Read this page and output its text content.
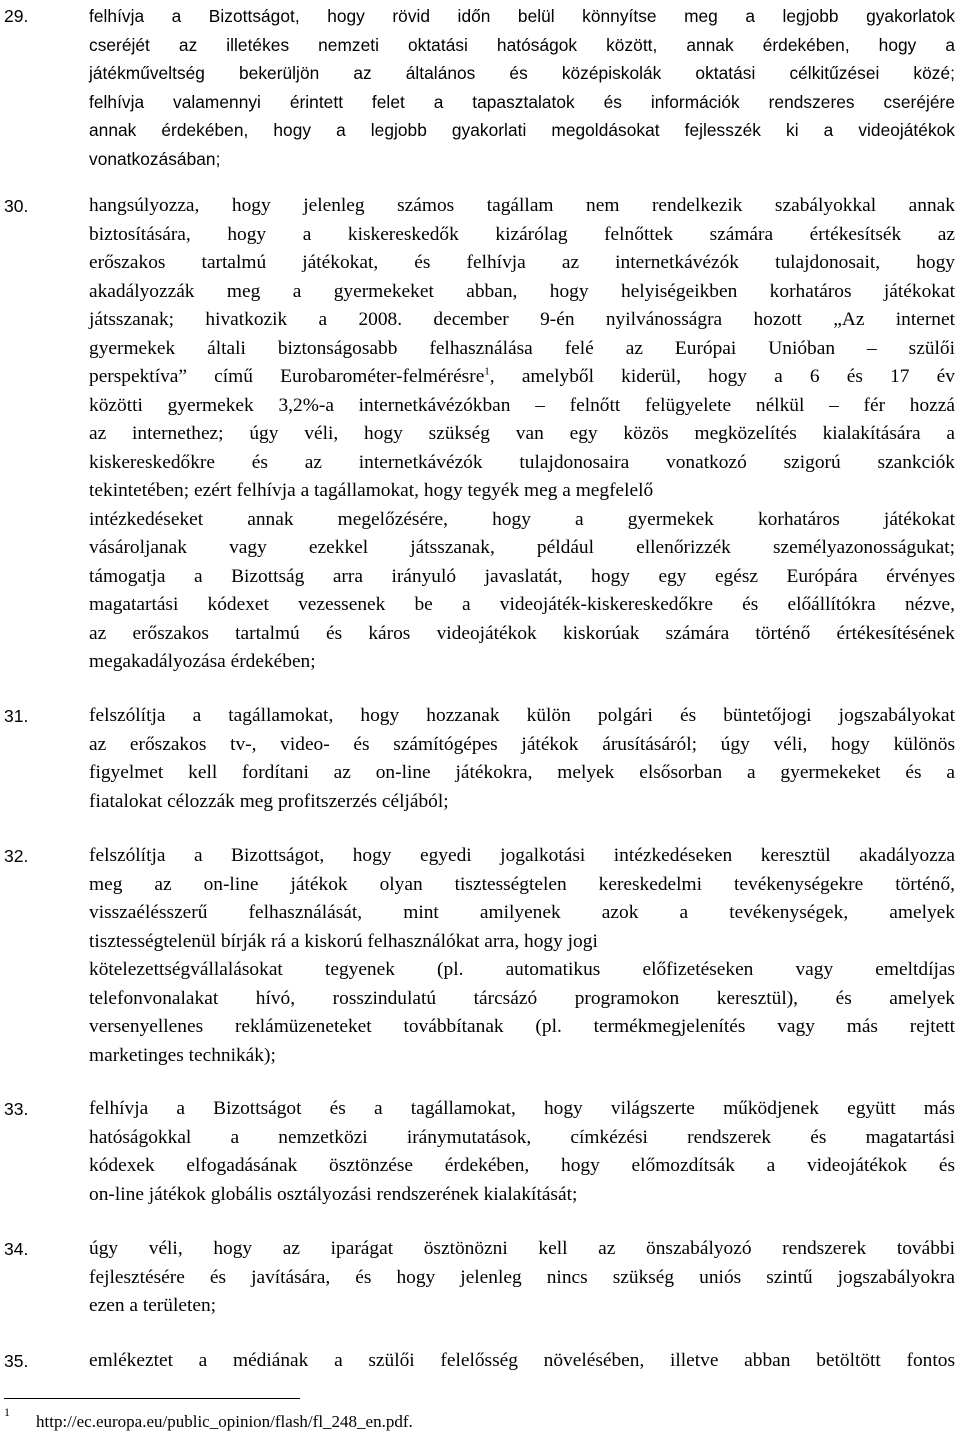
29.	felhívja a Bizottságot, hogy rövid időn belül könnyítse meg a legjobb gyakorlatok
cseréjét az illetékes nemzeti oktatási hatóságok között, annak érdekében, hogy a
játékműveltség bekerüljön az általános és középiskolák oktatási célkitűzései közé;
felhívja valamennyi érintett felet a tapasztalatok és információk rendszeres cseréjére
annak érdekében, hogy a legjobb gyakorlati megoldásokat fejlesszék ki a videojátékok
vonatkozásában;
30.	hangsúlyozza, hogy jelenleg számos tagállam nem rendelkezik szabályokkal annak
biztosítására, hogy a kiskereskedők kizárólag felnőttek számára értékesítsék az
erőszakos tartalmú játékokat, és felhívja az internetkávézók tulajdonosait, hogy
akadályozzák meg a gyermekeket abban, hogy helyiségeikben korhatáros játékokat
játsszanak; hivatkozik a 2008. december 9-én nyilvánosságra hozott „Az internet
gyermekek általi biztonságosabb felhasználása felé az Európai Unióban – szülői
perspektíva” című Eurobarométer-felmérésre$^1$, amelyből kiderül, hogy a 6 és 17 év
közötti gyermekek 3,2%-a internetkávézókban – felnőtt felügyelete nélkül – fér hozzá
az internethez; úgy véli, hogy szükség van egy közös megközelítés kialakítására a
kiskereskedőkre és az internetkávézók tulajdonosaira vonatkozó szigorú szankciók
tekintetében; ezért felhívja a tagállamokat, hogy tegyék meg a megfelelő
intézkedéseket annak megelőzésére, hogy a gyermekek korhatáros játékokat
vásároljanak vagy ezekkel játsszanak, például ellenőrizzék személyazonosságukat;
támogatja a Bizottság arra irányuló javaslatát, hogy egy egész Európára érvényes
magatartási kódexet vezessenek be a videojáték-kiskereskedőkre és előállítókra nézve,
az erőszakos tartalmú és káros videojátékok kiskorúak számára történő értékesítésének
megakadályozása érdekében;
31.	felszólítja a tagállamokat, hogy hozzanak külön polgári és büntetőjogi jogszabályokat
az erőszakos tv-, video- és számítógépes játékok árusításáról; úgy véli, hogy különös
figyelmet kell fordítani az on-line játékokra, melyek elsősorban a gyermekeket és a
fiatalokat célozzák meg profitszerzés céljából;
32.	felszólítja a Bizottságot, hogy egyedi jogalkotási intézkedéseken keresztül akadályozza
meg az on-line játékok olyan tisztességtelen kereskedelmi tevékenységekre történő,
visszaélésszerű felhasználását, mint amilyenek azok a tevékenységek, amelyek
tisztességtelenül bírják rá a kiskorú felhasználókat arra, hogy jogi
kötelezettségvállalásokat tegyenek (pl. automatikus előfizetéseken vagy emeltdíjas
telefonvonalakat hívó, rosszindulatú tárcsázó programokon keresztül), és amelyek
versenyellenes reklámüzeneteket továbbítanak (pl. termékmegjelenítés vagy más rejtett
marketinges technikák);
33.	felhívja a Bizottságot és a tagállamokat, hogy világszerte működjenek együtt más
hatóságokkal a nemzetközi iránymutatások, címkézési rendszerek és magatartási
kódexek elfogadásának ösztönzése érdekében, hogy előmozdítsák a videojátékok és
on-line játékok globális osztályozási rendszerének kialakítását;
34.	úgy véli, hogy az iparágat ösztönözni kell az önszabályozó rendszerek további
fejlesztésére és javítására, és hogy jelenleg nincs szükség uniós szintű jogszabályokra
ezen a területen;
35.	emlékeztet a médiának a szülői felelősség növelésében, illetve abban betöltött fontos
1 http://ec.europa.eu/public_opinion/flash/fl_248_en.pdf.
